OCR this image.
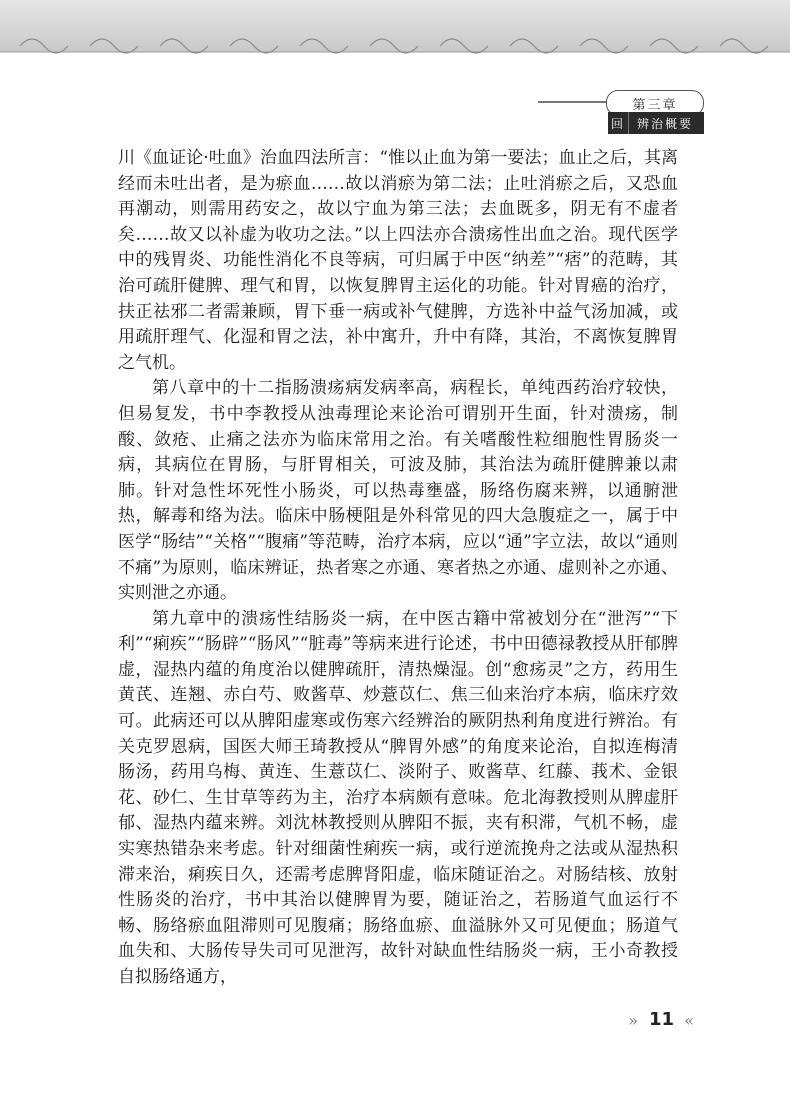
第三章
回	辨治概要

川《血证论·吐血》治血四法所言：“惟以止血为第一要法；血止之后，其离经而未吐出者，是为瘀血……故以消瘀为第二法；止吐消瘀之后，又恐血再潮动，则需用药安之，故以宁血为第三法；去血既多，阴无有不虚者矣……故又以补虚为收功之法。”以上四法亦合溃疡性出血之治。现代医学中的残胃炎、功能性消化不良等病，可归属于中医“纳差”“痞”的范畴，其治可疏肝健脾、理气和胃，以恢复脾胃主运化的功能。针对胃癌的治疗，扶正祛邪二者需兼顾，胃下垂一病或补气健脾，方选补中益气汤加减，或用疏肝理气、化湿和胃之法，补中寓升，升中有降，其治，不离恢复脾胃之气机。

第八章中的十二指肠溃疡病发病率高，病程长，单纯西药治疗较快，但易复发，书中李教授从浊毒理论来论治可谓别开生面，针对溃疡，制酸、敛疮、止痛之法亦为临床常用之治。有关嗜酸性粒细胞性胃肠炎一病，其病位在胃肠，与肝胃相关，可波及肺，其治法为疏肝健脾兼以肃肺。针对急性坏死性小肠炎，可以热毒壅盛，肠络伤腐来辨，以通腑泄热，解毒和络为法。临床中肠梗阻是外科常见的四大急腹症之一，属于中医学“肠结”“关格”“腹痛”等范畴，治疗本病，应以“通”字立法，故以“通则不痛”为原则，临床辨证，热者寒之亦通、寒者热之亦通、虚则补之亦通、实则泄之亦通。

第九章中的溃疡性结肠炎一病，在中医古籍中常被划分在“泄泻”“下利”“痢疾”“肠辟”“肠风”“脏毒”等病来进行论述，书中田德禄教授从肝郁脾虚，湿热内蕴的角度治以健脾疏肝，清热燥湿。创“愈疡灵”之方，药用生黄芪、连翘、赤白芍、败酱草、炒薏苡仁、焦三仙来治疗本病，临床疗效可。此病还可以从脾阳虚寒或伤寒六经辨治的厥阴热利角度进行辨治。有关克罗恩病，国医大师王琦教授从“脾胃外感”的角度来论治，自拟连梅清肠汤，药用乌梅、黄连、生薏苡仁、淡附子、败酱草、红藤、莪术、金银花、砂仁、生甘草等药为主，治疗本病颇有意味。危北海教授则从脾虚肝郁、湿热内蕴来辨。刘沈林教授则从脾阳不振，夹有积滞，气机不畅，虚实寒热错杂来考虑。针对细菌性痢疾一病，或行逆流挽舟之法或从湿热积滞来治，痢疾日久，还需考虑脾肾阳虚，临床随证治之。对肠结核、放射性肠炎的治疗，书中其治以健脾胃为要，随证治之，若肠道气血运行不畅、肠络瘀血阻滞则可见腹痛；肠络血瘀、血溢脉外又可见便血；肠道气血失和、大肠传导失司可见泄泻，故针对缺血性结肠炎一病，王小奇教授自拟肠络通方，

» 11 «
